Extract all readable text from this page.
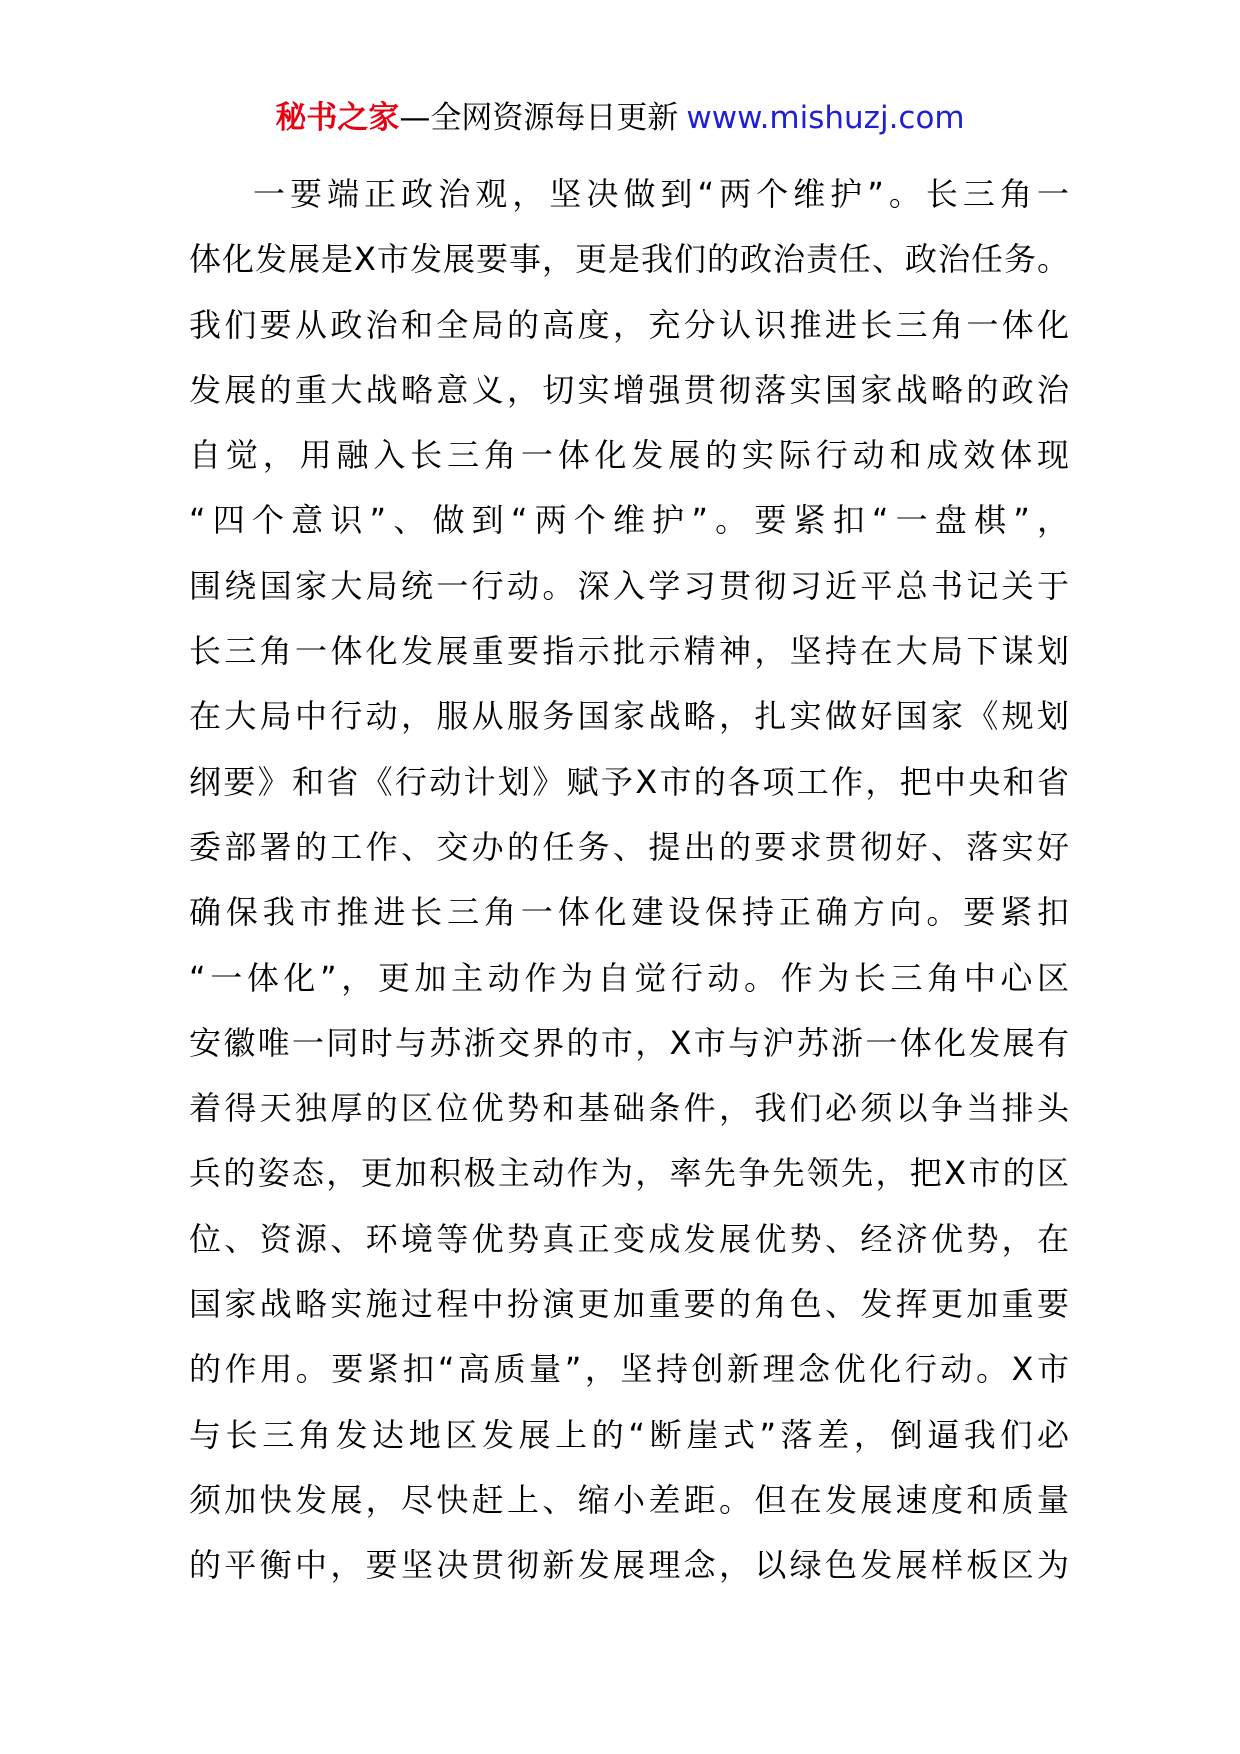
秘书之家—全网资源每日更新 www.mishuzj.com
一要端正政治观，坚决做到“两个维护”。长三角一
体化发展是X市发展要事，更是我们的政治责任、政治任务。
我们要从政治和全局的高度，充分认识推进长三角一体化
发展的重大战略意义，切实增强贯彻落实国家战略的政治
自觉，用融入长三角一体化发展的实际行动和成效体现
“四个意识”、做到“两个维护”。要紧扣“一盘棋”，
围绕国家大局统一行动。深入学习贯彻习近平总书记关于
长三角一体化发展重要指示批示精神，坚持在大局下谋划
在大局中行动，服从服务国家战略，扎实做好国家《规划
纲要》和省《行动计划》赋予X市的各项工作，把中央和省
委部署的工作、交办的任务、提出的要求贯彻好、落实好
确保我市推进长三角一体化建设保持正确方向。要紧扣
“一体化”，更加主动作为自觉行动。作为长三角中心区
安徽唯一同时与苏浙交界的市，X市与沪苏浙一体化发展有
着得天独厚的区位优势和基础条件，我们必须以争当排头
兵的姿态，更加积极主动作为，率先争先领先，把X市的区
位、资源、环境等优势真正变成发展优势、经济优势，在
国家战略实施过程中扮演更加重要的角色、发挥更加重要
的作用。要紧扣“高质量”，坚持创新理念优化行动。X市
与长三角发达地区发展上的“断崖式”落差，倒逼我们必
须加快发展，尽快赶上、缩小差距。但在发展速度和质量
的平衡中，要坚决贯彻新发展理念，以绿色发展样板区为
